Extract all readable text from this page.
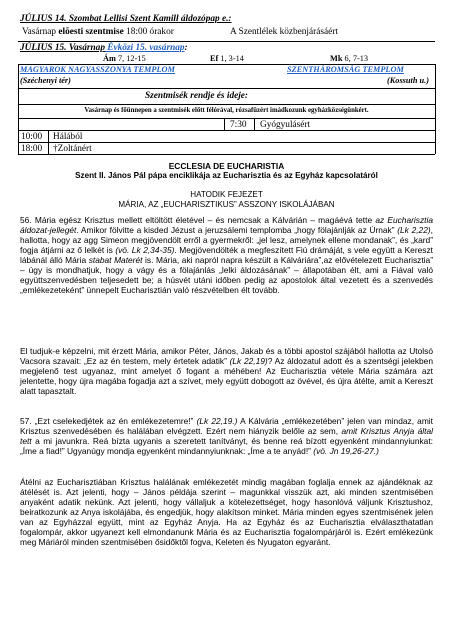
JÚLIUS 14. Szombat Lellisi Szent Kamill áldozópap e.:
Vasárnap elõesti szentmise 18:00 órakor	A Szentlélek közbenjárásáért
JÚLIUS 15. Vasárnap Évközi 15. vasárnap:
Ám 7, 12-15	Ef 1, 3-14	Mk 6, 7-13
MAGYAROK NAGYASSZONYA TEMPLOM	SZENTHÁROMSÁG TEMPLOM
(Széchenyi tér)	(Kossuth u.)
Szentmisék rendje és ideje:
Vasárnap és főünnepen a szentmisék előtt félórával, rózsafüzért imádkozunk egyházközségünkért.
7:30 Gyógyulásért
10:00 Hálából
18:00 †Zoltánért
ECCLESIA DE EUCHARISTIA
Szent II. János Pál pápa enciklikája az Eucharisztia és az Egyház kapcsolatáról
HATODIK FEJEZET
MÁRIA, AZ „EUCHARISZTIKUS” ASSZONY ISKOLÁJÁBAN
56. Mária egész Krisztus mellett eltöltött életével – és nemcsak a Kálvárián – magáévá tette az Eucharisztia áldozat-jellegét. Amikor fölvitte a kisded Jézust a jeruzsálemi templomba „hogy fölajánlják az Úrnak” (Lk 2,22), hallotta, hogy az agg Simeon megjövendölt erről a gyermekről: „jel lesz, amelynek ellene mondanak”, és „kard” fogja átjárni az ő lelkét is (vö. Lk 2,34-35). Megjövendölték a megfeszített Fiú drámáját, s vele együtt a Kereszt lábánál álló Mária stabat Materét is. Mária, aki napról napra készült a Kálváriára”,az elővételezett Eucharisztia” – úgy is mondhatjuk, hogy a vágy és a fölajánlás „lelki áldozásának” – állapotában élt, ami a Fiával való együttszenvedésben teljesedett be; a húsvét utáni időben pedig az apostolok által vezetett és a szenvedés „emlékezeteként” ünnepelt Eucharisztián való részvételben élt tovább.
El tudjuk-e képzelni, mit érzett Mária, amikor Péter, János, Jakab és a többi apostol szájából hallotta az Utolsó Vacsora szavait: „Ez az én testem, mely értetek adatik” (Lk 22,19)? Az áldozatul adott és a szentségi jelekben megjelenő test ugyanaz, mint amelyet ő fogant a méhében! Az Eucharisztia vétele Mária számára azt jelentette, hogy újra magába fogadja azt a szívet, mely együtt dobogott az övével, és újra átélte, amit a Kereszt alatt tapasztalt.
57. „Ezt cselekedjétek az én emlékezetemre!” (Lk 22,19.) A Kálvária „emlékezetében” jelen van mindaz, amit Krisztus szenvedésében és halálában elvégzett. Ezért nem hiányzik belőle az sem, amit Krisztus Anyja által tett a mi javunkra. Reá bízta ugyanis a szeretett tanítványt, és benne reá bízott egyenként mindannyiunkat: „Íme a fiad!” Ugyanúgy mondja egyenként mindannyiunknak: „Íme a te anyád!” (vö. Jn 19,26-27.)
Átélni az Eucharisztiában Krisztus halálának emlékezetét mindig magában foglalja ennek az ajándéknak az átélését is. Azt jelenti, hogy – János példája szerint – magunkkal visszük azt, aki minden szentmisében anyaként adatik nekünk. Azt jelenti, hogy vállaljuk a kötelezettséget, hogy hasonlóvá váljunk Krisztushoz, beiratkozunk az Anya iskolájába, és engedjük, hogy alakítson minket. Mária minden egyes szentmisének jelen van az Egyházzal együtt, mint az Egyház Anyja. Ha az Egyház és az Eucharisztia elválaszthatatlan fogalompár, akkor ugyanezt kell elmondanunk Mária és az Eucharisztia fogalompárjáról is. Ezért emlékezünk meg Máriáról minden szentmisében ősidőktől fogva, Keleten és Nyugaton egyaránt.
